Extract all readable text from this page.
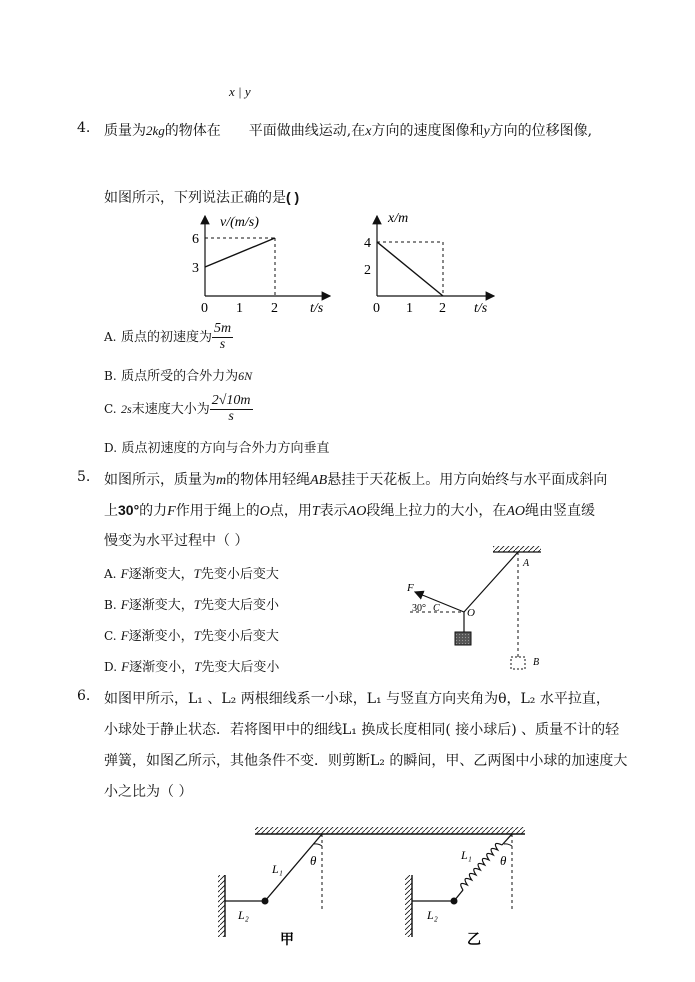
x | y
4. 质量为2kg的物体在 平面做曲线运动,在x方向的速度图像和y方向的位移图像,
如图所示，下列说法正确的是( )
v/(m/s)
6
3
0 1 2 t/s
x/m
4
2
0 1 2 t/s
A. 质点的初速度为 $\frac{5m}{s}$
B. 质点所受的合外力为6N
C. 2s末速度大小为 $\frac{2√10m}{s}$
D. 质点初速度的方向与合外力方向垂直
5. 如图所示，质量为m的物体用轻绳AB悬挂于天花板上。用方向始终与水平面成斜向
上30°的力F作用于绳上的O点，用T表示AO段绳上拉力的大小，在AO绳由竖直缓
慢变为水平过程中（ ）
A. F逐渐变大，T先变小后变大
B. F逐渐变大，T先变大后变小
C. F逐渐变小，T先变小后变大
D. F逐渐变小，T先变大后变小
F
30° C O
A
B
6. 如图甲所示，L₁ 、L₂ 两根细线系一小球，L₁ 与竖直方向夹角为θ，L₂ 水平拉直，
小球处于静止状态．若将图甲中的细线L₁ 换成长度相同( 接小球后) 、质量不计的轻
弹簧，如图乙所示，其他条件不变．则剪断L₂ 的瞬间，甲、乙两图中小球的加速度大
小之比为（ ）
L₁
θ
L₂
甲
L₁ θ
L₂
乙
